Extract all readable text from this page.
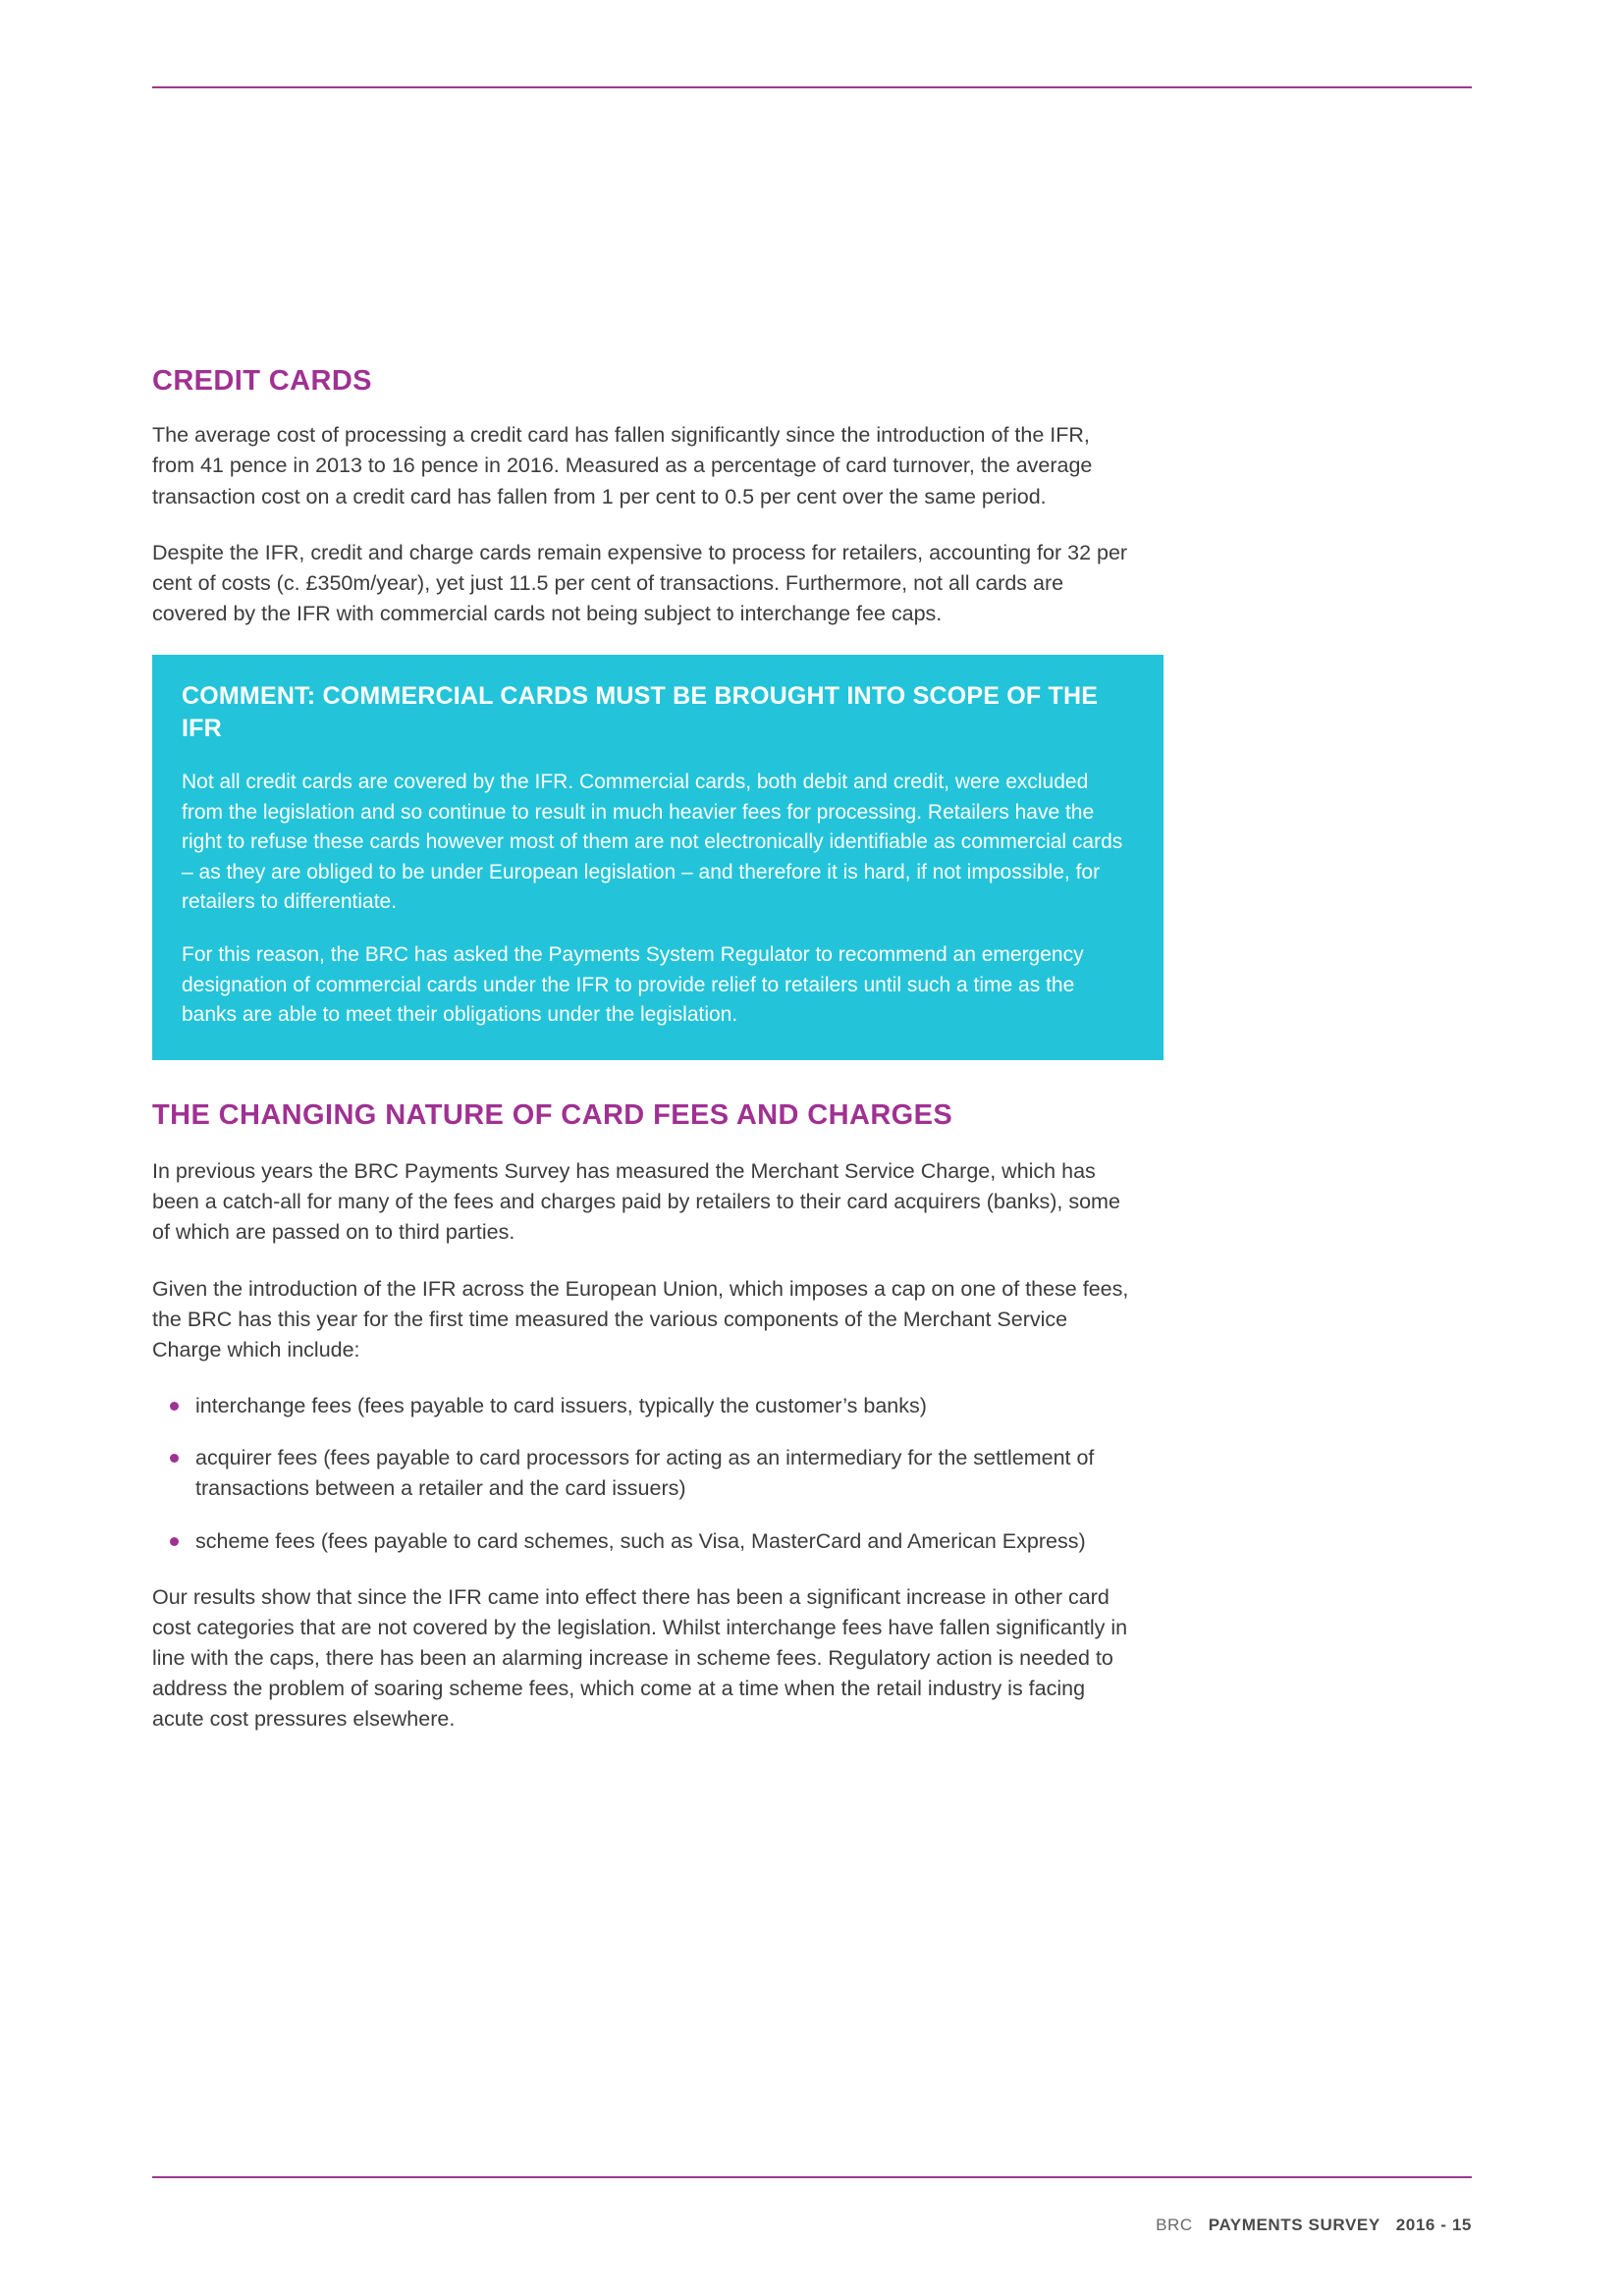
CREDIT CARDS

The average cost of processing a credit card has fallen significantly since the introduction of the IFR, from 41 pence in 2013 to 16 pence in 2016. Measured as a percentage of card turnover, the average transaction cost on a credit card has fallen from 1 per cent to 0.5 per cent over the same period.

Despite the IFR, credit and charge cards remain expensive to process for retailers, accounting for 32 per cent of costs (c. £350m/year), yet just 11.5 per cent of transactions. Furthermore, not all cards are covered by the IFR with commercial cards not being subject to interchange fee caps.

COMMENT: COMMERCIAL CARDS MUST BE BROUGHT INTO SCOPE OF THE IFR

Not all credit cards are covered by the IFR. Commercial cards, both debit and credit, were excluded from the legislation and so continue to result in much heavier fees for processing. Retailers have the right to refuse these cards however most of them are not electronically identifiable as commercial cards – as they are obliged to be under European legislation – and therefore it is hard, if not impossible, for retailers to differentiate.

For this reason, the BRC has asked the Payments System Regulator to recommend an emergency designation of commercial cards under the IFR to provide relief to retailers until such a time as the banks are able to meet their obligations under the legislation.

THE CHANGING NATURE OF CARD FEES AND CHARGES

In previous years the BRC Payments Survey has measured the Merchant Service Charge, which has been a catch-all for many of the fees and charges paid by retailers to their card acquirers (banks), some of which are passed on to third parties.

Given the introduction of the IFR across the European Union, which imposes a cap on one of these fees, the BRC has this year for the first time measured the various components of the Merchant Service Charge which include:

interchange fees (fees payable to card issuers, typically the customer’s banks)
acquirer fees (fees payable to card processors for acting as an intermediary for the settlement of transactions between a retailer and the card issuers)
scheme fees (fees payable to card schemes, such as Visa, MasterCard and American Express)

Our results show that since the IFR came into effect there has been a significant increase in other card cost categories that are not covered by the legislation. Whilst interchange fees have fallen significantly in line with the caps, there has been an alarming increase in scheme fees. Regulatory action is needed to address the problem of soaring scheme fees, which come at a time when the retail industry is facing acute cost pressures elsewhere.

BRC PAYMENTS SURVEY 2016 - 15
